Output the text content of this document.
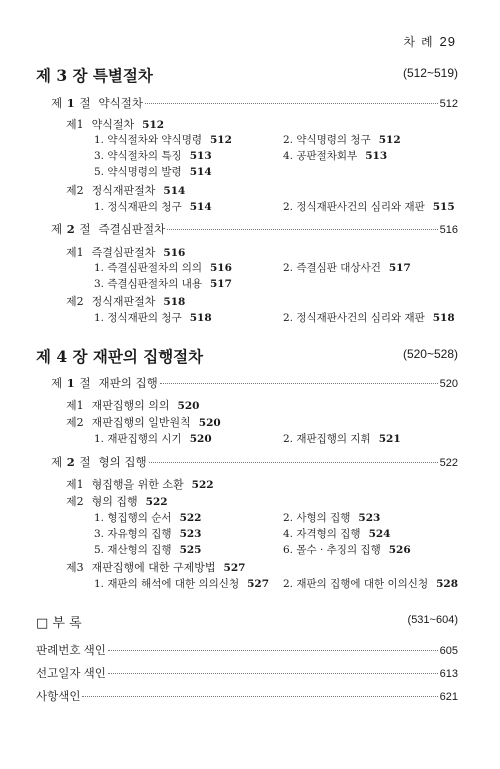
차 례 29
제 3 장 특별절차	(512~519)
제 1 절 약식절차	512
제1 약식절차 512
1. 약식절차와 약식명령 512	2. 약식명령의 청구 512
3. 약식절차의 특징 513	4. 공판절차회부 513
5. 약식명령의 발령 514
제2 정식재판절차 514
1. 정식재판의 청구 514	2. 정식재판사건의 심리와 재판 515
제 2 절 즉결심판절차	516
제1 즉결심판절차 516
1. 즉결심판절차의 의의 516	2. 즉결심판 대상사건 517
3. 즉결심판절차의 내용 517
제2 정식재판절차 518
1. 정식재판의 청구 518	2. 정식재판사건의 심리와 재판 518
제 4 장 재판의 집행절차	(520~528)
제 1 절 재판의 집행	520
제1 재판집행의 의의 520
제2 재판집행의 일반원칙 520
1. 재판집행의 시기 520	2. 재판집행의 지휘 521
제 2 절 형의 집행	522
제1 형집행을 위한 소환 522
제2 형의 집행 522
1. 형집행의 순서 522	2. 사형의 집행 523
3. 자유형의 집행 523	4. 자격형의 집행 524
5. 재산형의 집행 525	6. 몰수 · 추징의 집행 526
제3 재판집행에 대한 구제방법 527
1. 재판의 해석에 대한 의의신청 527 2. 재판의 집행에 대한 이의신청 528
□ 부 록	(531~604)
판례번호 색인	605
선고일자 색인	613
사항색인	621
